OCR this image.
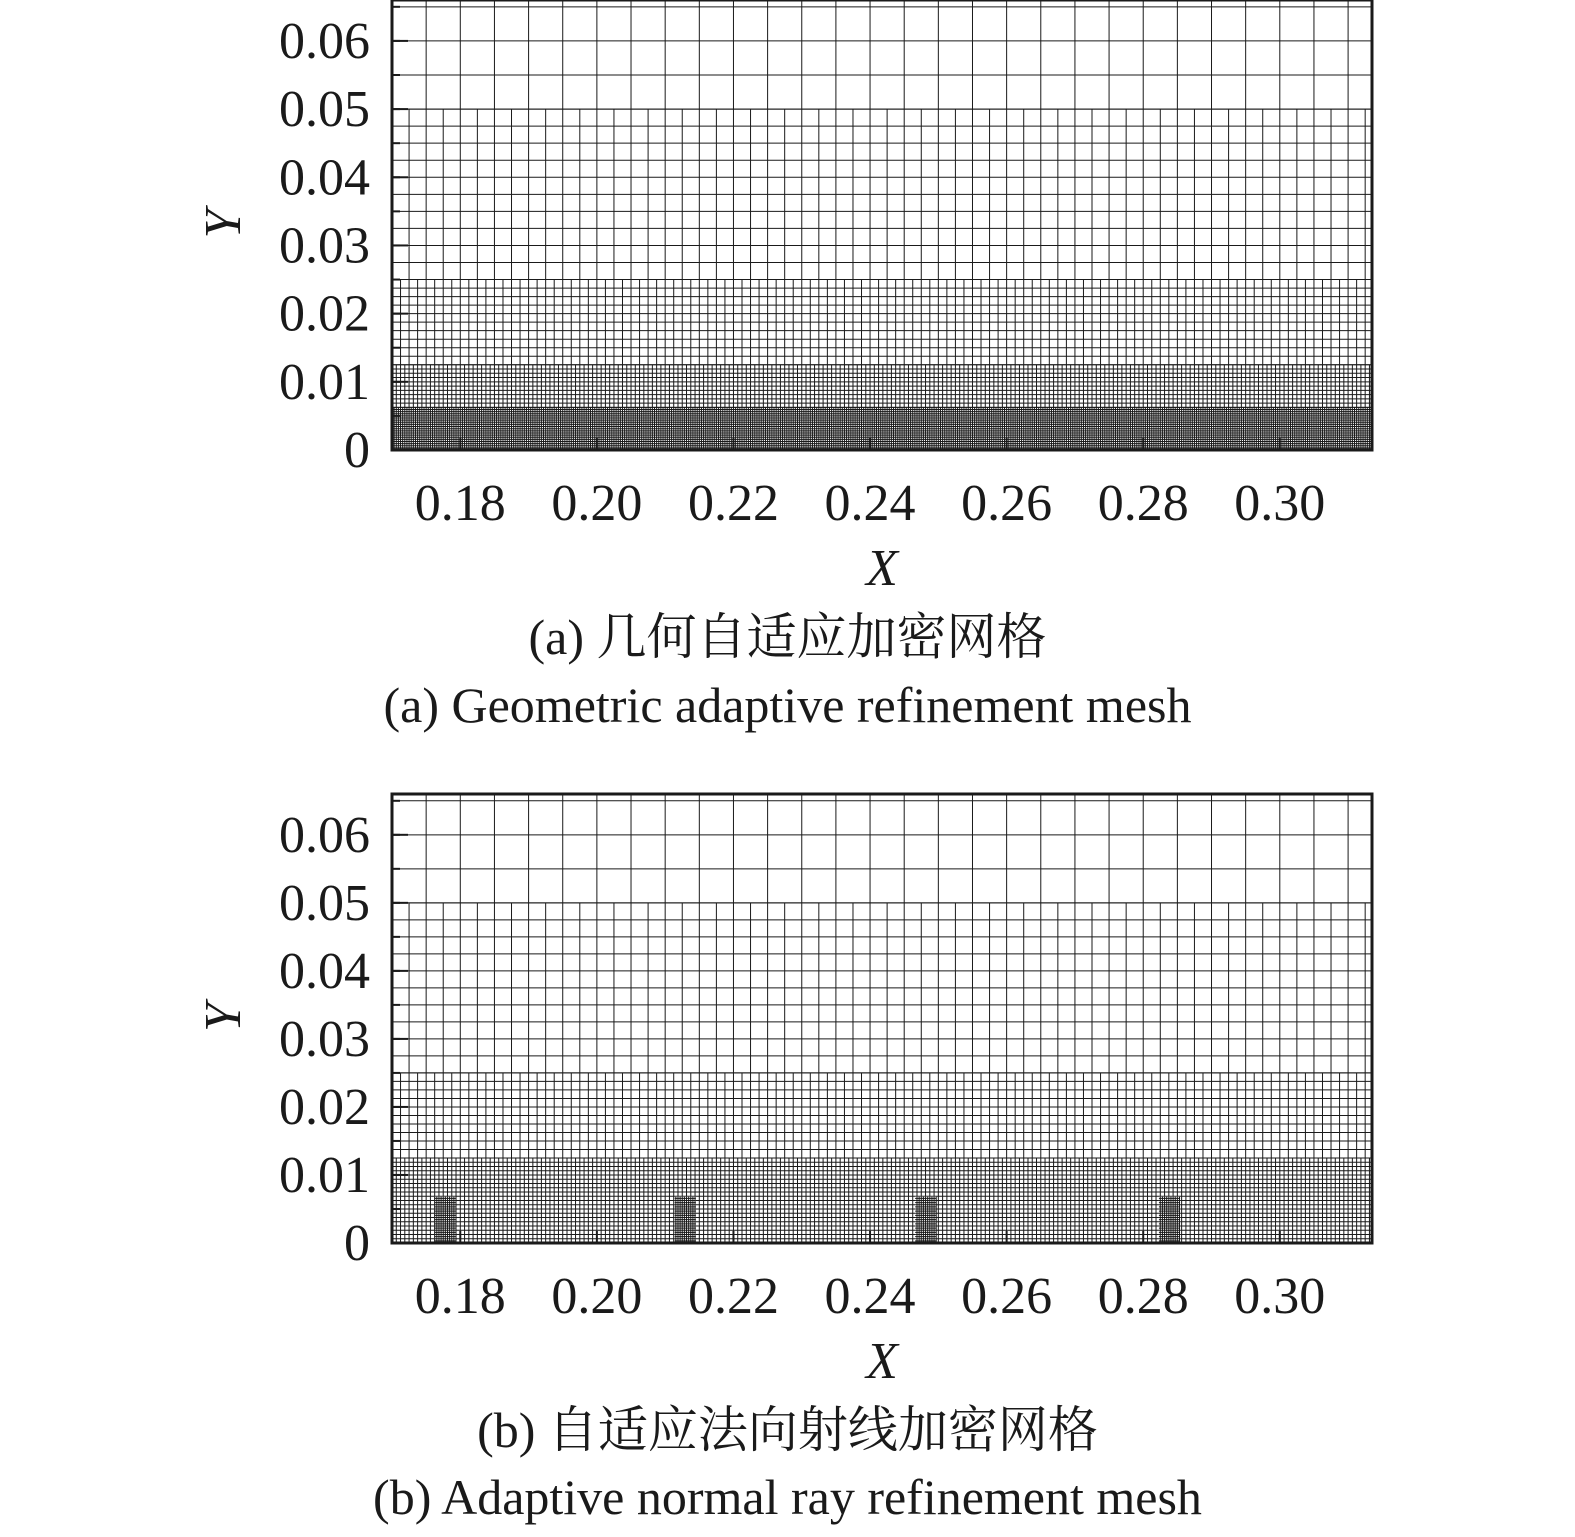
0.18 0.20 0.22 0.24 0.26 0.28 0.30
0
0.01
0.02
0.03
0.04
0.05
0.06
X
Y
0.18 0.20 0.22 0.24 0.26 0.28 0.30
0
0.01
0.02
0.03
0.04
0.05
0.06
X
Y
(a) 几何自适应加密网格
(a) Geometric adaptive refinement mesh
(b) 自适应法向射线加密网格
(b) Adaptive normal ray refinement mesh
